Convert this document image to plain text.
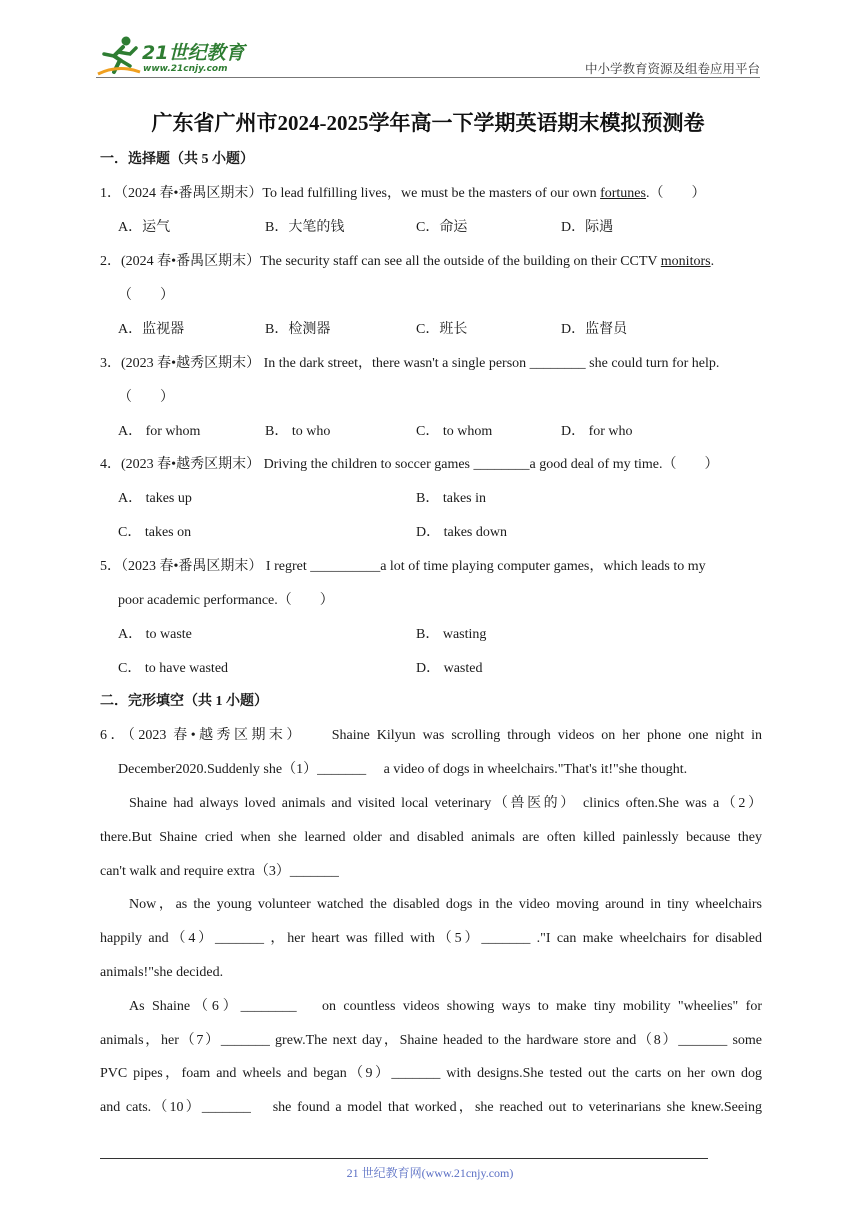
21世纪教育
www.21cnjy.com	中小学教育资源及组卷应用平台
广东省广州市2024-2025学年高一下学期英语期末模拟预测卷
一．选择题（共 5 小题）
1．（2024 春•番禺区期末）To lead fulfilling lives，we must be the masters of our own fortunes.（　　）
A．运气	B．大笔的钱	C．命运	D．际遇
2．(2024 春•番禺区期末）The security staff can see all the outside of the building on their CCTV monitors.
（　　）
A．监视器	B．检测器	C．班长	D．监督员
3．(2023 春•越秀区期末） In the dark street，there wasn't a single person ________ she could turn for help.
（　　）
A． for whom	B． to who	C． to whom	D． for who
4．(2023 春•越秀区期末） Driving the children to soccer games ________a good deal of my time.（　　）
A． takes up	B． takes in
C． takes on	D． takes down
5．（2023 春•番禺区期末） I regret __________a lot of time playing computer games，which leads to my
poor academic performance.（　　）
A． to waste	B． wasting
C． to have wasted	D． wasted
二．完形填空（共 1 小题）
6．（2023 春•越秀区期末）　　Shaine Kilyun was scrolling through videos on her phone one night in
December2020.Suddenly she（1）_______ 　a video of dogs in wheelchairs."That's it!"she thought.
Shaine had always loved animals and visited local veterinary（兽医的） clinics often.She was a（2）
there.But Shaine cried when she learned older and disabled animals are often killed painlessly because they
can't walk and require extra（3）_______
Now，as the young volunteer watched the disabled dogs in the video moving around in tiny wheelchairs
happily and（4）_______ ，her heart was filled with（5）_______ ."I can make wheelchairs for disabled
animals!"she decided.
As Shaine（6）________ 　on countless videos showing ways to make tiny mobility "wheelies" for
animals，her（7）_______ grew.The next day，Shaine headed to the hardware store and（8）_______ some
PVC pipes，foam and wheels and began（9）_______ with designs.She tested out the carts on her own dog
and cats.（10）_______ 　she found a model that worked，she reached out to veterinarians she knew.Seeing
21 世纪教育网(www.21cnjy.com)
